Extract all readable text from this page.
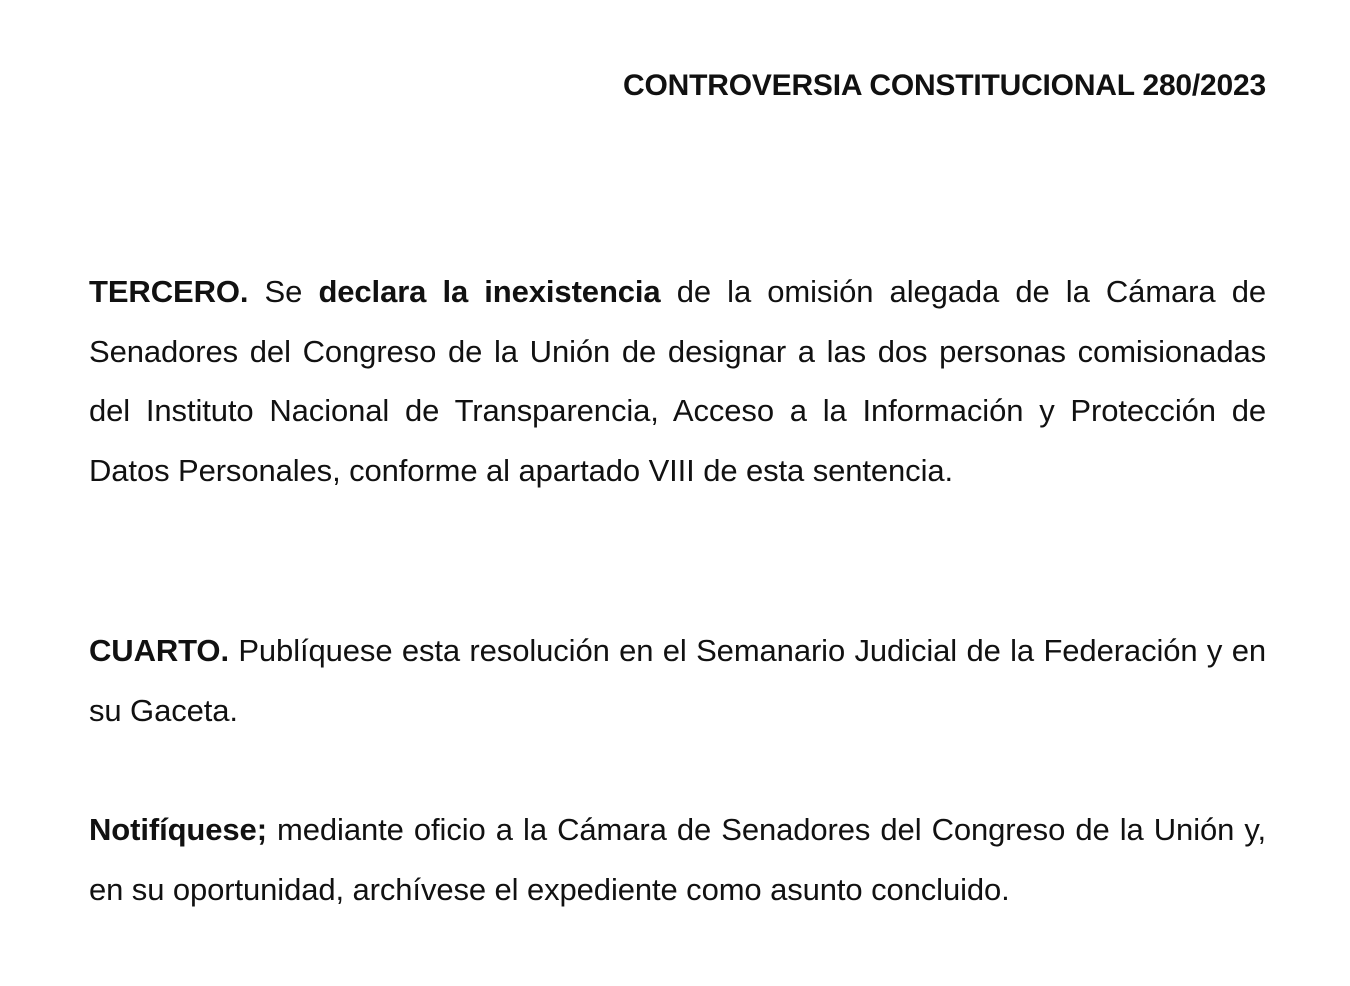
CONTROVERSIA CONSTITUCIONAL 280/2023

TERCERO. Se declara la inexistencia de la omisión alegada de la Cámara de Senadores del Congreso de la Unión de designar a las dos personas comisionadas del Instituto Nacional de Transparencia, Acceso a la Información y Protección de Datos Personales, conforme al apartado VIII de esta sentencia.

CUARTO. Publíquese esta resolución en el Semanario Judicial de la Federación y en su Gaceta.

Notifíquese; mediante oficio a la Cámara de Senadores del Congreso de la Unión y, en su oportunidad, archívese el expediente como asunto concluido.
